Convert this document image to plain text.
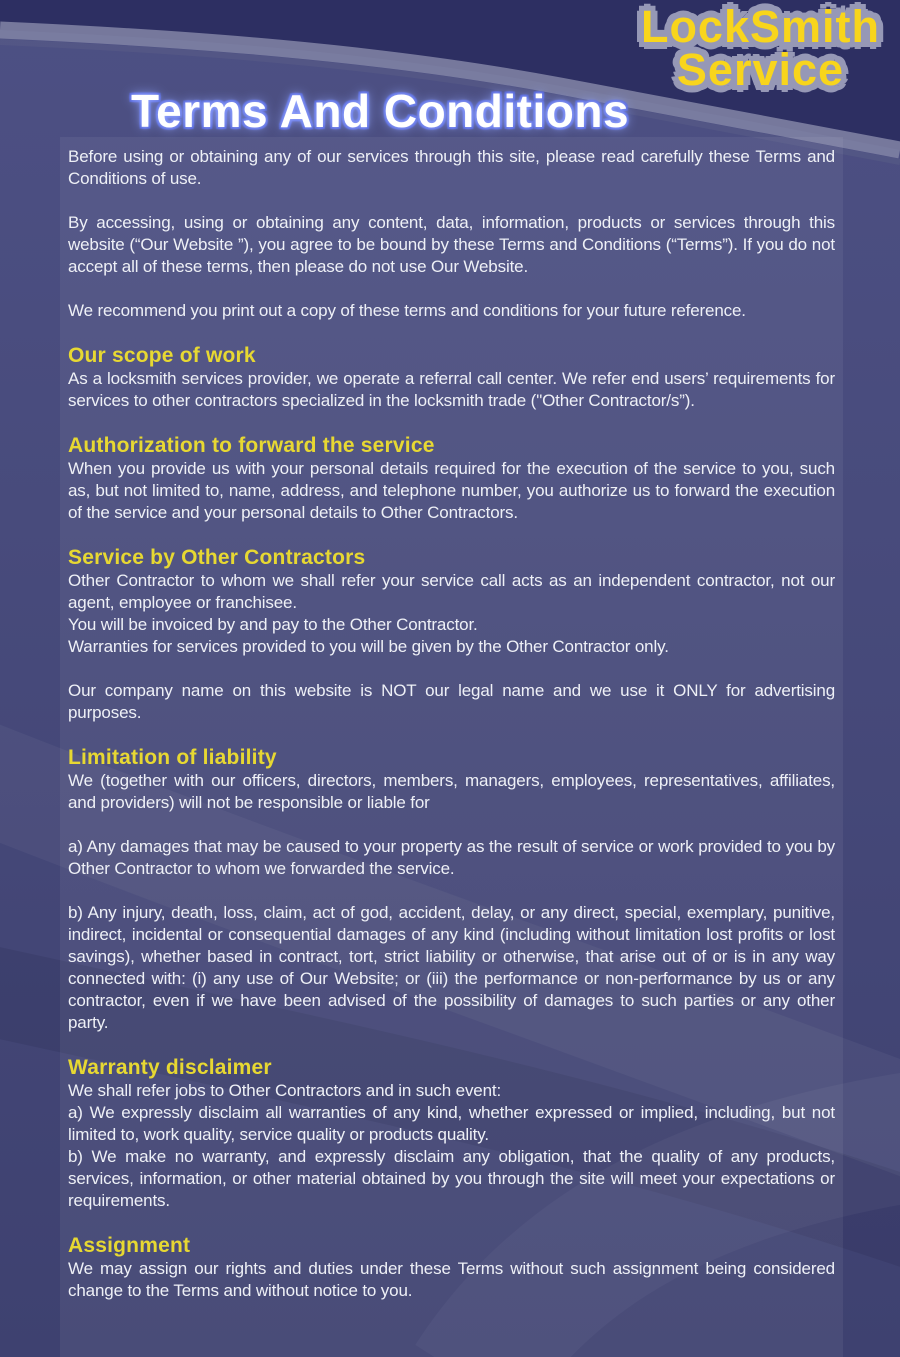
LockSmith
Service
Terms And Conditions

Before using or obtaining any of our services through this site, please read carefully these Terms and Conditions of use.

By accessing, using or obtaining any content, data, information, products or services through this website (“Our Website ”), you agree to be bound by these Terms and Conditions (“Terms”). If you do not accept all of these terms, then please do not use Our Website.

We recommend you print out a copy of these terms and conditions for your future reference.

Our scope of work

As a locksmith services provider, we operate a referral call center. We refer end users’ requirements for services to other contractors specialized in the locksmith trade ("Other Contractor/s”).

Authorization to forward the service

When you provide us with your personal details required for the execution of the service to you, such as, but not limited to, name, address, and telephone number, you authorize us to forward the execution of the service and your personal details to Other Contractors.

Service by Other Contractors

Other Contractor to whom we shall refer your service call acts as an independent contractor, not our agent, employee or franchisee.

You will be invoiced by and pay to the Other Contractor.

Warranties for services provided to you will be given by the Other Contractor only.

Our company name on this website is NOT our legal name and we use it ONLY for advertising purposes.

Limitation of liability

We (together with our officers, directors, members, managers, employees, representatives, affiliates, and providers) will not be responsible or liable for

a) Any damages that may be caused to your property as the result of service or work provided to you by Other Contractor to whom we forwarded the service.

b) Any injury, death, loss, claim, act of god, accident, delay, or any direct, special, exemplary, punitive, indirect, incidental or consequential damages of any kind (including without limitation lost profits or lost savings), whether based in contract, tort, strict liability or otherwise, that arise out of or is in any way connected with: (i) any use of Our Website; or (iii) the performance or non-performance by us or any contractor, even if we have been advised of the possibility of damages to such parties or any other party.

Warranty disclaimer

We shall refer jobs to Other Contractors and in such event:

a) We expressly disclaim all warranties of any kind, whether expressed or implied, including, but not limited to, work quality, service quality or products quality.

b) We make no warranty, and expressly disclaim any obligation, that the quality of any products, services, information, or other material obtained by you through the site will meet your expectations or requirements.

Assignment

We may assign our rights and duties under these Terms without such assignment being considered change to the Terms and without notice to you.
